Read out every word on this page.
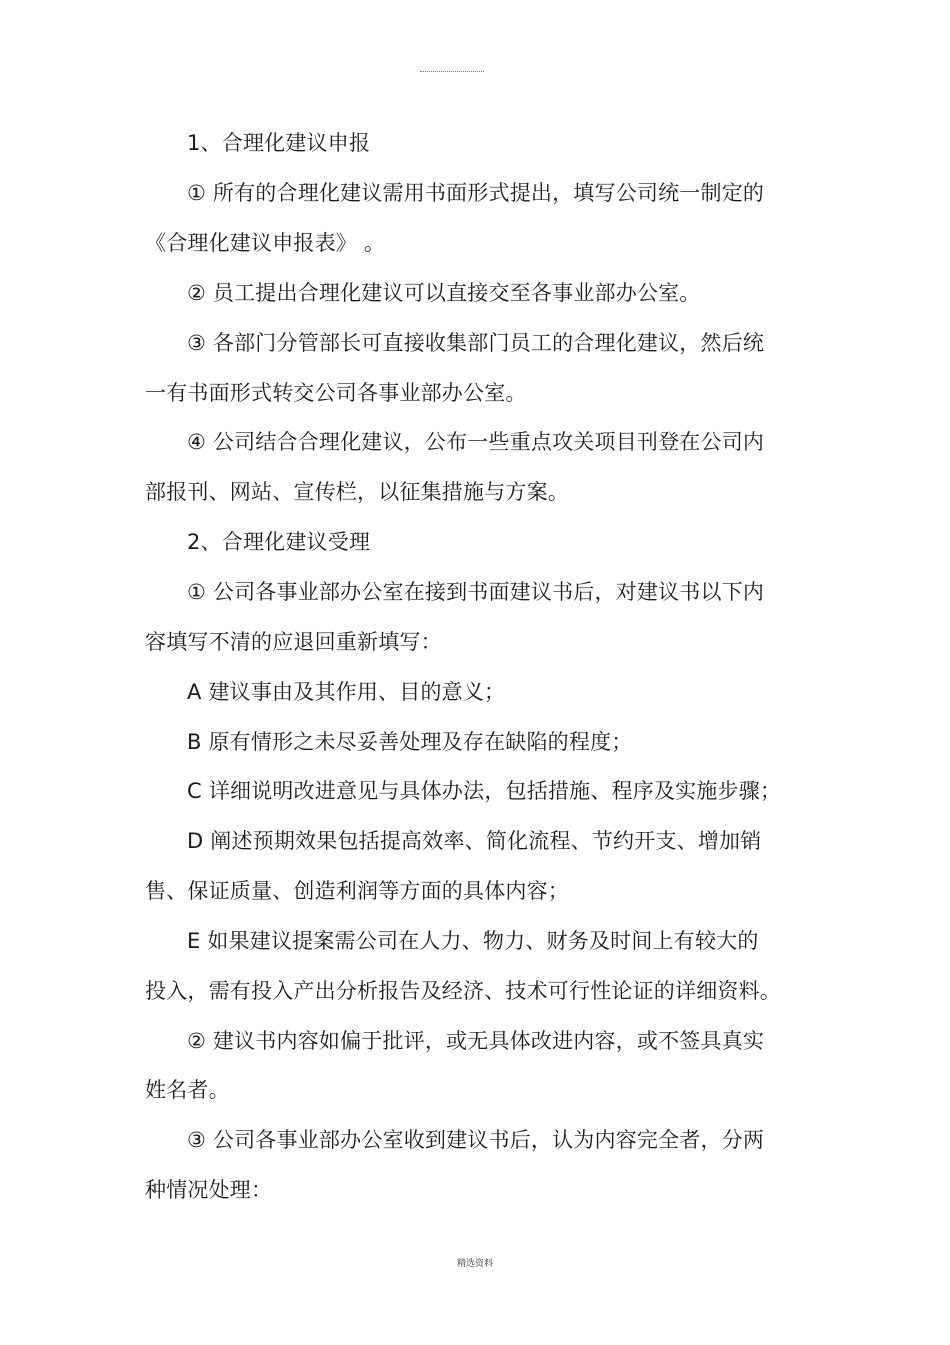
1、合理化建议申报
① 所有的合理化建议需用书面形式提出，填写公司统一制定的
《合理化建议申报表》 。
② 员工提出合理化建议可以直接交至各事业部办公室。
③ 各部门分管部长可直接收集部门员工的合理化建议，然后统
一有书面形式转交公司各事业部办公室。
④ 公司结合合理化建议，公布一些重点攻关项目刊登在公司内
部报刊、网站、宣传栏，以征集措施与方案。
2、合理化建议受理
① 公司各事业部办公室在接到书面建议书后，对建议书以下内
容填写不清的应退回重新填写：
A 建议事由及其作用、目的意义；
B 原有情形之未尽妥善处理及存在缺陷的程度；
C 详细说明改进意见与具体办法，包括措施、程序及实施步骤；
D 阐述预期效果包括提高效率、简化流程、节约开支、增加销
售、保证质量、创造利润等方面的具体内容；
E 如果建议提案需公司在人力、物力、财务及时间上有较大的
投入，需有投入产出分析报告及经济、技术可行性论证的详细资料。
② 建议书内容如偏于批评，或无具体改进内容，或不签具真实
姓名者。
③ 公司各事业部办公室收到建议书后，认为内容完全者，分两
种情况处理：
精选资料
